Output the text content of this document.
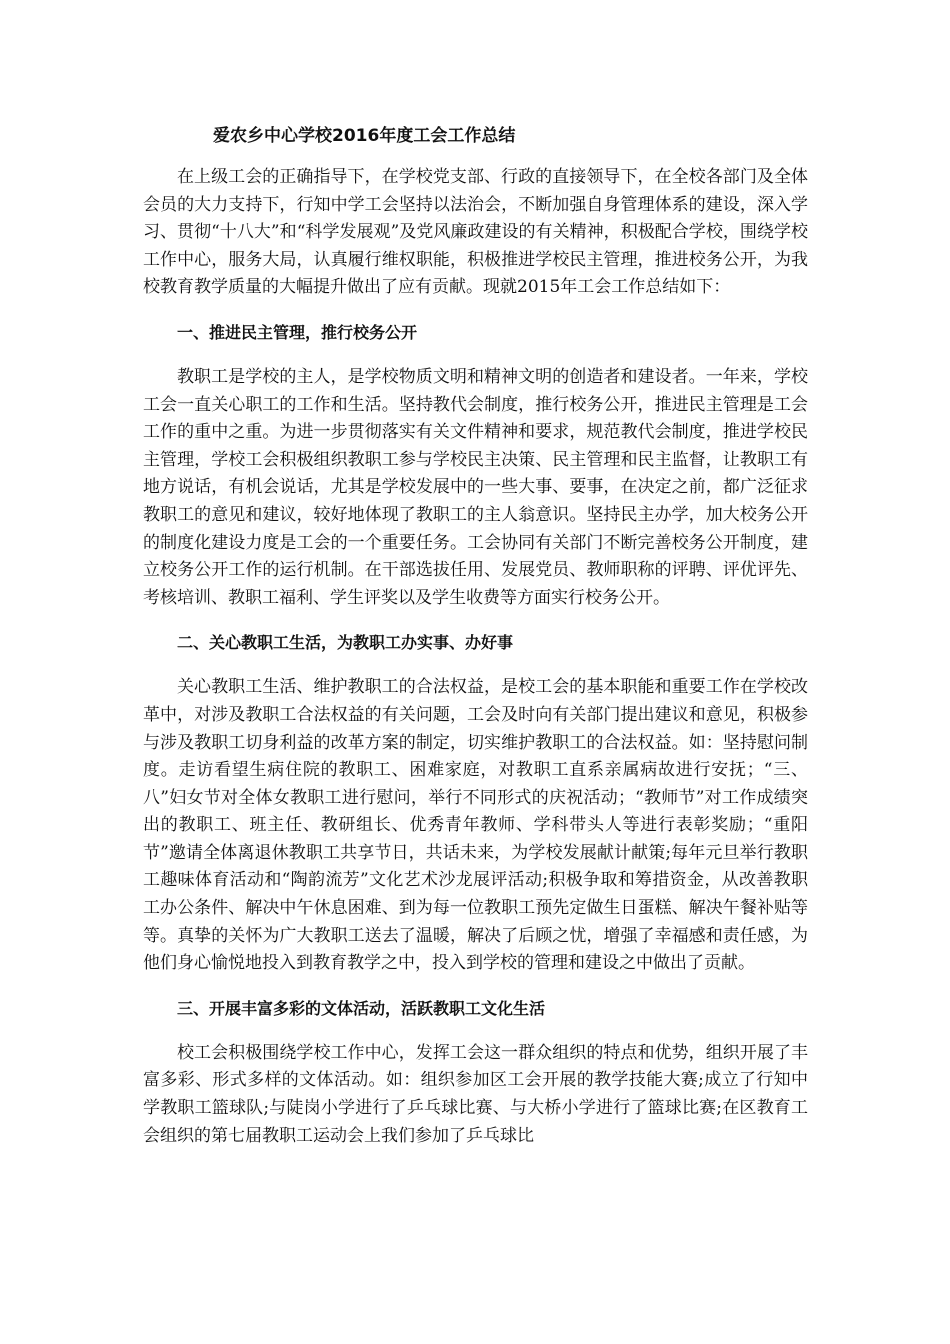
爱农乡中心学校2016年度工会工作总结

在上级工会的正确指导下，在学校党支部、行政的直接领导下，在全校各部门及全体会员的大力支持下，行知中学工会坚持以法治会，不断加强自身管理体系的建设，深入学习、贯彻“十八大”和“科学发展观”及党风廉政建设的有关精神，积极配合学校，围绕学校工作中心，服务大局，认真履行维权职能，积极推进学校民主管理，推进校务公开，为我校教育教学质量的大幅提升做出了应有贡献。现就2015年工会工作总结如下：

一、推进民主管理，推行校务公开

教职工是学校的主人，是学校物质文明和精神文明的创造者和建设者。一年来，学校工会一直关心职工的工作和生活。坚持教代会制度，推行校务公开，推进民主管理是工会工作的重中之重。为进一步贯彻落实有关文件精神和要求，规范教代会制度，推进学校民主管理，学校工会积极组织教职工参与学校民主决策、民主管理和民主监督，让教职工有地方说话，有机会说话，尤其是学校发展中的一些大事、要事，在决定之前，都广泛征求教职工的意见和建议，较好地体现了教职工的主人翁意识。坚持民主办学，加大校务公开的制度化建设力度是工会的一个重要任务。工会协同有关部门不断完善校务公开制度，建立校务公开工作的运行机制。在干部选拔任用、发展党员、教师职称的评聘、评优评先、考核培训、教职工福利、学生评奖以及学生收费等方面实行校务公开。

二、关心教职工生活，为教职工办实事、办好事

关心教职工生活、维护教职工的合法权益，是校工会的基本职能和重要工作在学校改革中，对涉及教职工合法权益的有关问题，工会及时向有关部门提出建议和意见，积极参与涉及教职工切身利益的改革方案的制定，切实维护教职工的合法权益。如：坚持慰问制度。走访看望生病住院的教职工、困难家庭，对教职工直系亲属病故进行安抚；“三、八”妇女节对全体女教职工进行慰问，举行不同形式的庆祝活动；“教师节”对工作成绩突出的教职工、班主任、教研组长、优秀青年教师、学科带头人等进行表彰奖励；“重阳节”邀请全体离退休教职工共享节日，共话未来，为学校发展献计献策;每年元旦举行教职工趣味体育活动和“陶韵流芳”文化艺术沙龙展评活动;积极争取和筹措资金，从改善教职工办公条件、解决中午休息困难、到为每一位教职工预先定做生日蛋糕、解决午餐补贴等等。真挚的关怀为广大教职工送去了温暖，解决了后顾之忧，增强了幸福感和责任感，为他们身心愉悦地投入到教育教学之中，投入到学校的管理和建设之中做出了贡献。

三、开展丰富多彩的文体活动，活跃教职工文化生活

校工会积极围绕学校工作中心，发挥工会这一群众组织的特点和优势，组织开展了丰富多彩、形式多样的文体活动。如：组织参加区工会开展的教学技能大赛;成立了行知中学教职工篮球队;与陡岗小学进行了乒乓球比赛、与大桥小学进行了篮球比赛;在区教育工会组织的第七届教职工运动会上我们参加了乒乓球比
